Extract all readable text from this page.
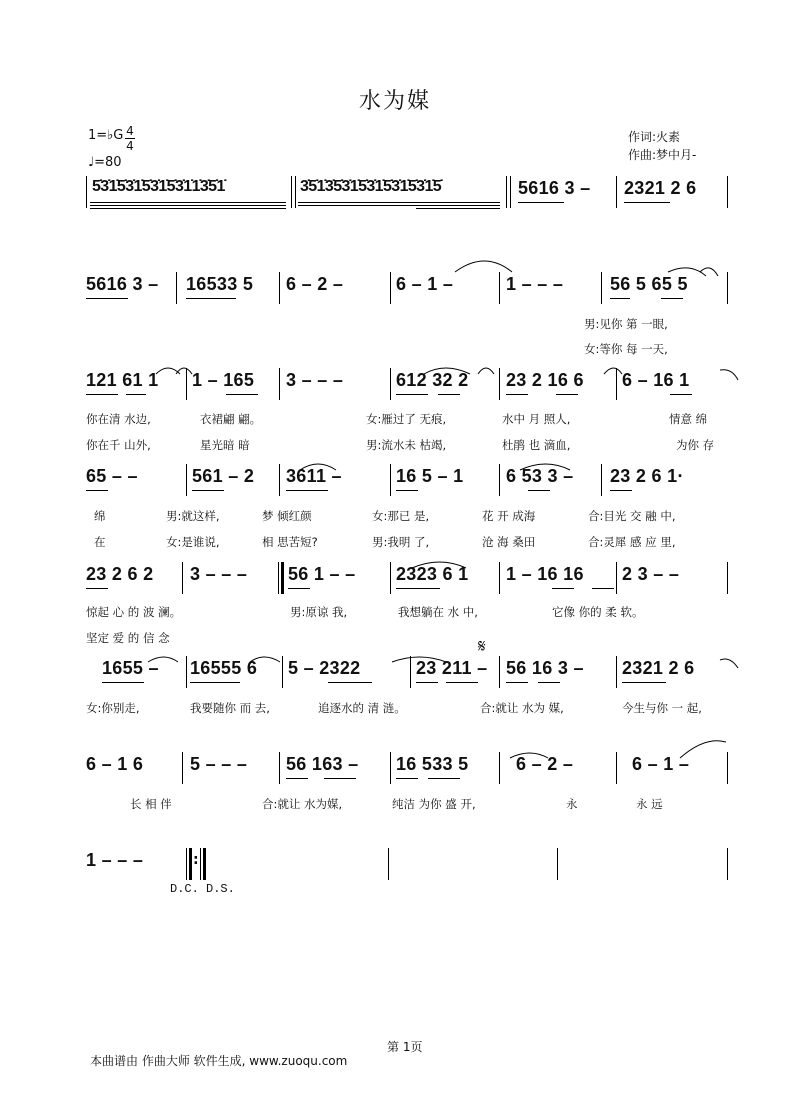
水为媒
1=♭G 4
4
♩=80
作词:火素
作曲:梦中月-
5̇3̇1̇5̇3̇1̇5̇3̇1̇5̇3̇1̇1̇3̇5̇1̇	3̇5̇1̇3̇5̇3̇1̇5̇3̇1̇5̇3̇1̇5̇3̇1̇5̇	5616 3 –	2321 2 6
5616 3 –	16533 5	6 – 2 –	6 – 1 –	1 – – –	56 5 65 5
男:见你 第 一眼,
女:等你 每 一天,
121 61 1	1 – 165	3 – – –	612 32 2	23 2 16 6	6 – 16 1
你在清 水边,	衣裙翩 翩。	女:雁过了 无痕,	水中 月 照人,	情意 绵
你在千 山外,	星光暗 暗	男:流水未 枯竭,	杜鹃 也 滴血,	为你 存
65 – –	561 – 2	3611 –	16 5 – 1	6 53 3 –	23 2 6 1·
绵	男:就这样,	梦 倾红颜	女:那已 是,	花 开 成海	合:目光 交 融 中,
在	女:是谁说,	相 思苦短?	男:我明 了,	沧 海 桑田	合:灵犀 感 应 里,
23 2 6 2	3 – – –	56 1 – –	2323 6 1	1 – 16 16	2 3 – –
惊起 心 的 波 澜。	男:原谅 我,	我想躺在 水 中,	它像 你的 柔 软。
坚定 爱 的 信 念	𝄋
1655 –	16555 6	5 – 2322	23 211 –	56 16 3 –	2321 2 6
女:你别走,	我要随你 而 去,	追逐水的 清 涟。	合:就让 水为 媒,	今生与你 一 起,
6 – 1 6	5 – – –	56 163 –	16 533 5	6 – 2 –	6 – 1 –
长 相 伴	合:就让 水为媒,	纯洁 为你 盛 开,	永	永 远
1 – – –	:
D.C. D.S.
第 1页
本曲谱由 作曲大师 软件生成, www.zuoqu.com
